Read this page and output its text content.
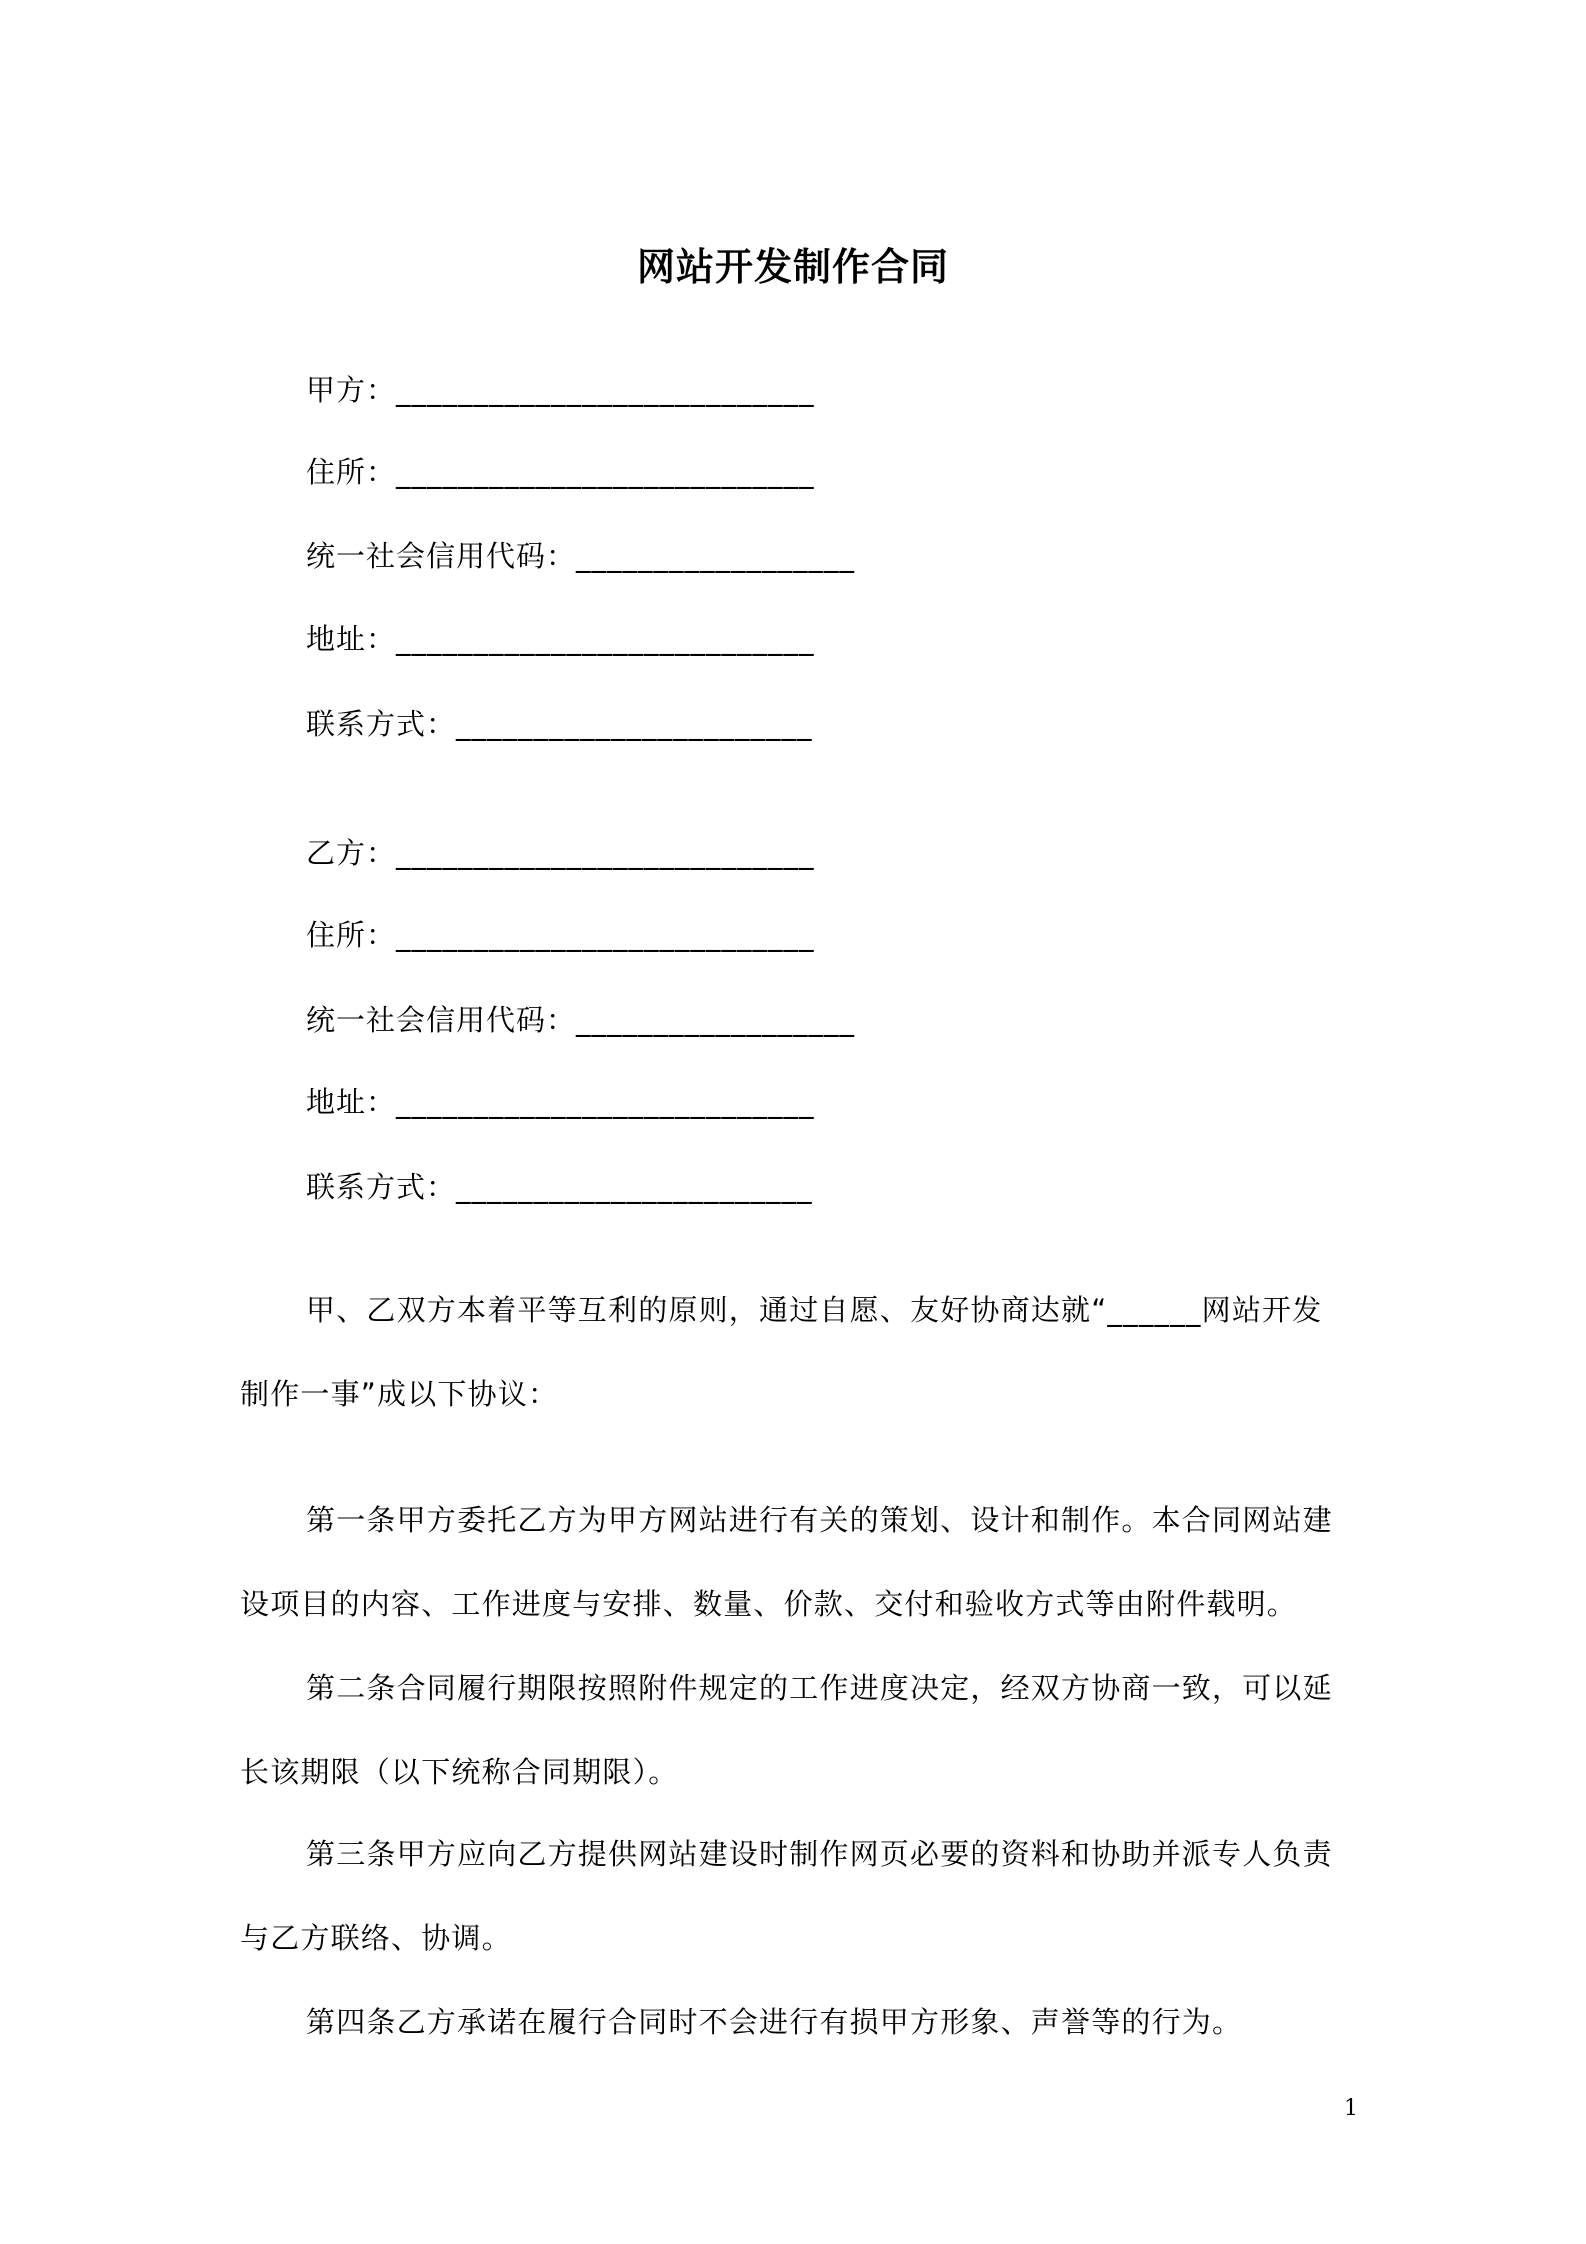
网站开发制作合同
甲方：___________________________
住所：___________________________
统一社会信用代码：__________________
地址：___________________________
联系方式：_______________________
乙方：___________________________
住所：___________________________
统一社会信用代码：__________________
地址：___________________________
联系方式：_______________________
甲、乙双方本着平等互利的原则，通过自愿、友好协商达就“______网站开发制作一事”成以下协议：
第一条甲方委托乙方为甲方网站进行有关的策划、设计和制作。本合同网站建设项目的内容、工作进度与安排、数量、价款、交付和验收方式等由附件载明。
第二条合同履行期限按照附件规定的工作进度决定，经双方协商一致，可以延长该期限（以下统称合同期限）。
第三条甲方应向乙方提供网站建设时制作网页必要的资料和协助并派专人负责与乙方联络、协调。
第四条乙方承诺在履行合同时不会进行有损甲方形象、声誉等的行为。
1
